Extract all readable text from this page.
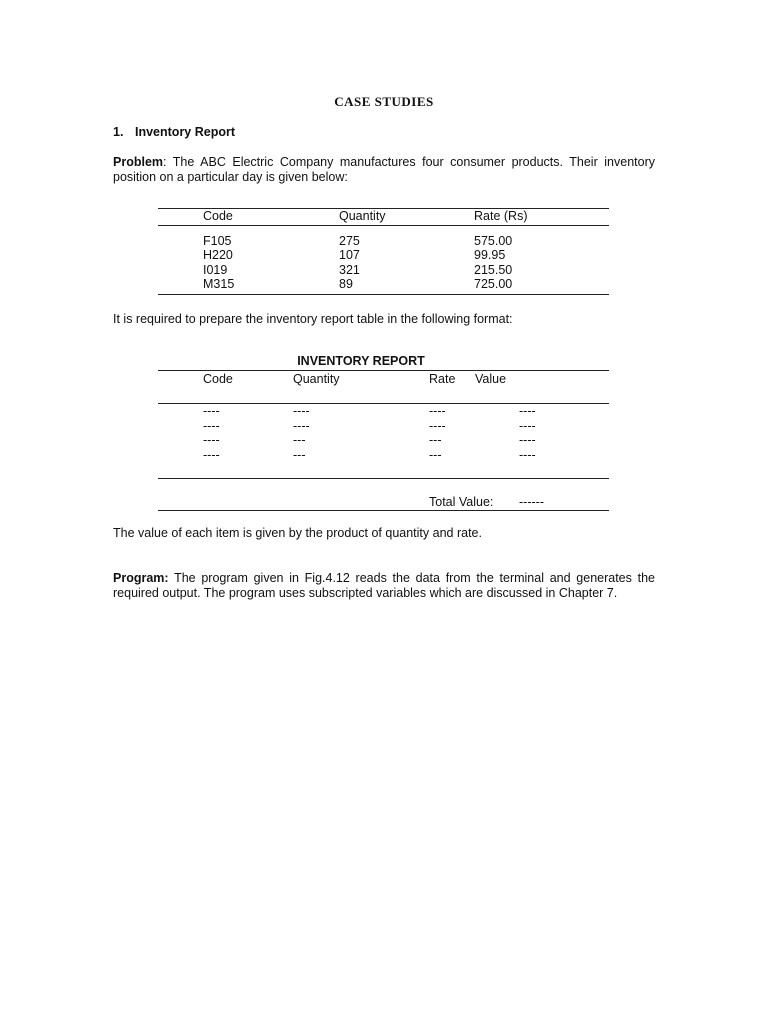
CASE STUDIES
1. Inventory Report
Problem: The ABC Electric Company manufactures four consumer products. Their inventory position on a particular day is given below:
Code	Quantity	Rate (Rs)
F105	275	575.00
H220	107	99.95
I019	321	215.50
M315	89	725.00
It is required to prepare the inventory report table in the following format:
INVENTORY REPORT
Code	Quantity	Rate Value
----	----	----	----
----	----	----	----
----	---	---	----
----	---	---	----
Total Value: ------
The value of each item is given by the product of quantity and rate.
Program: The program given in Fig.4.12 reads the data from the terminal and generates the required output. The program uses subscripted variables which are discussed in Chapter 7.
